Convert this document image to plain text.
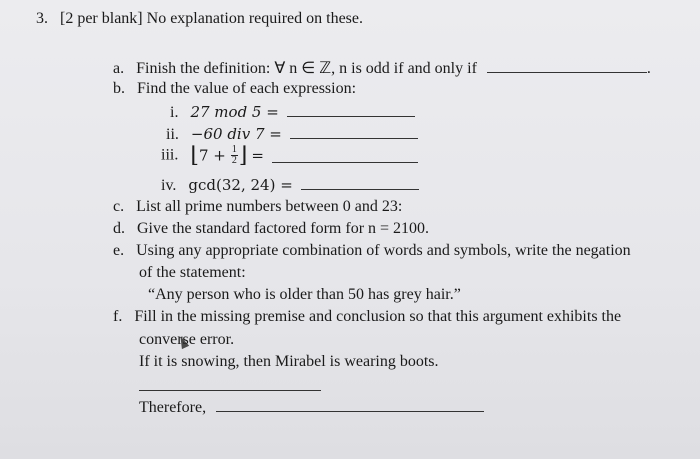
3. [2 per blank] No explanation required on these.
a. Finish the definition: ∀ n ∈ ℤ, n is odd if and only if	.
b. Find the value of each expression:
i. 27 mod 5 =
ii. −60 div 7 =
iii. ⌊7 + $\frac{1}{2}$ ⌋ =
iv. gcd(32, 24) =
c. List all prime numbers between 0 and 23:
d. Give the standard factored form for n = 2100.
e. Using any appropriate combination of words and symbols, write the negation
of the statement:
“Any person who is older than 50 has grey hair.”
f. Fill in the missing premise and conclusion so that this argument exhibits the
converse error.
If it is snowing, then Mirabel is wearing boots.
Therefore,
